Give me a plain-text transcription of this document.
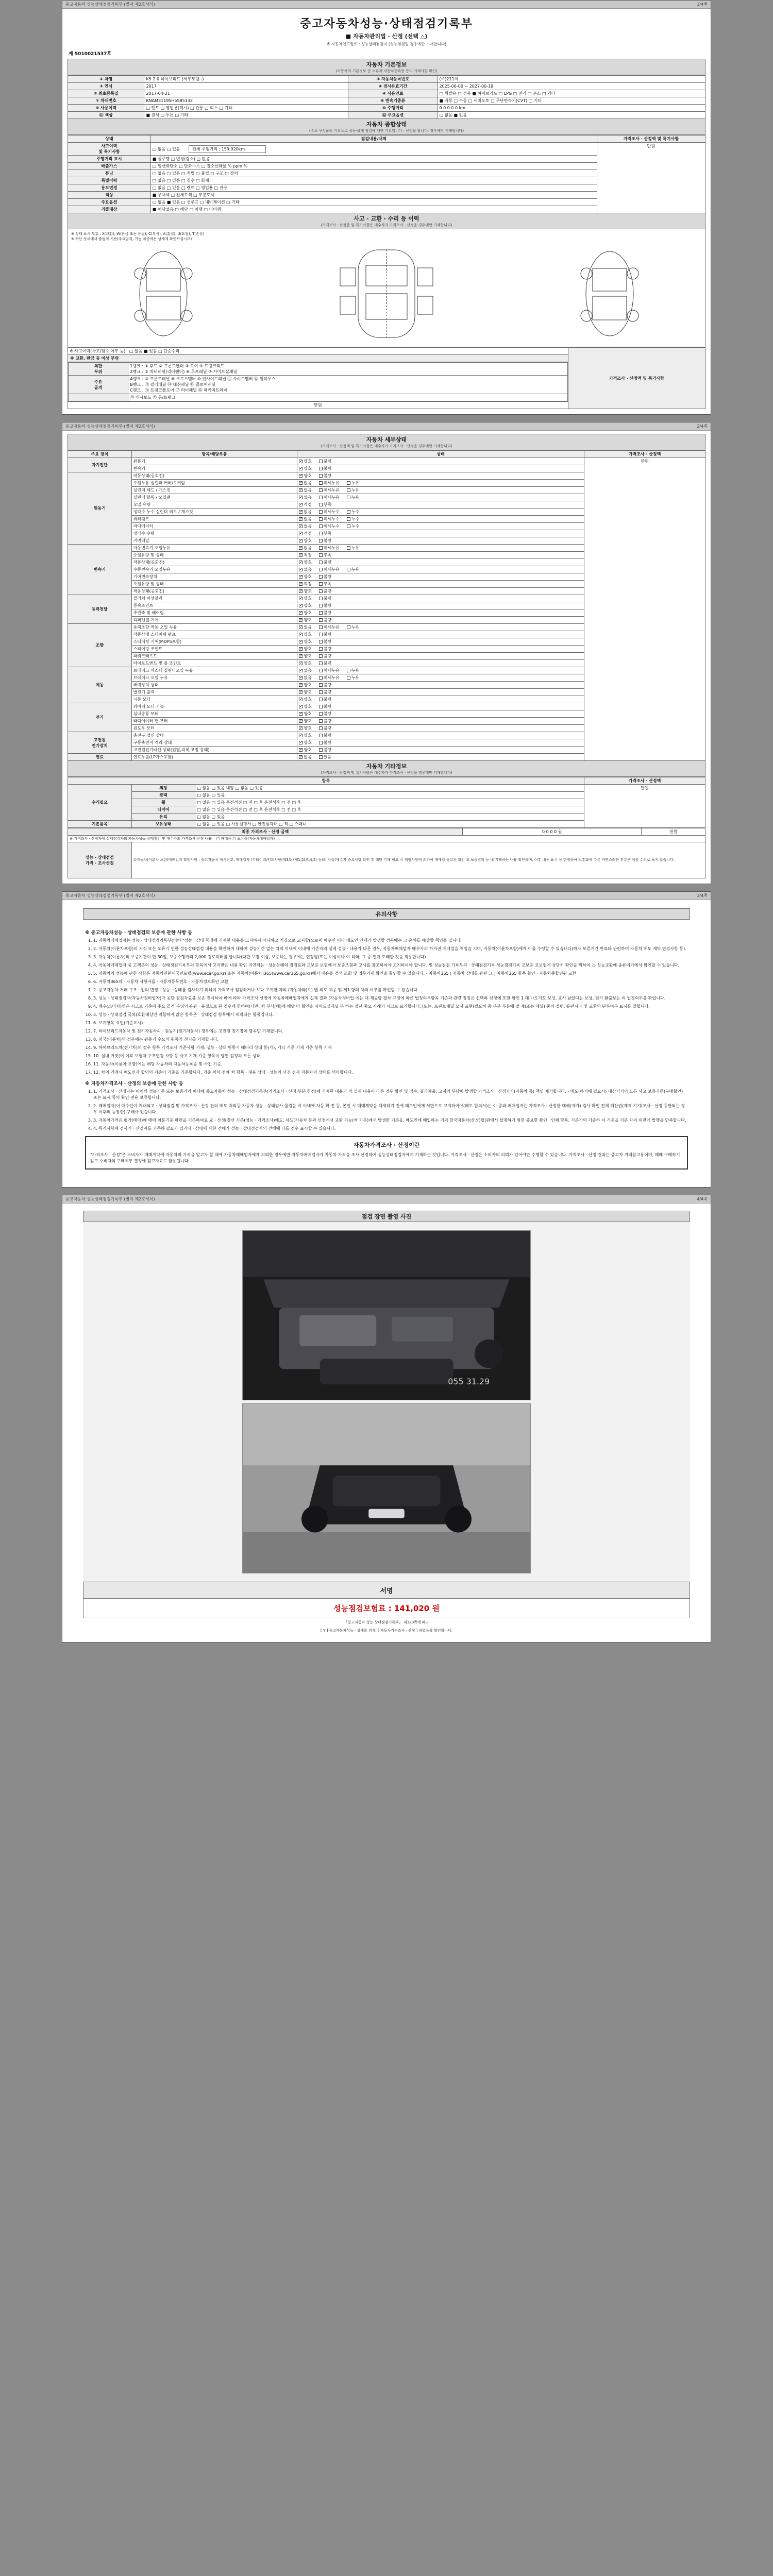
중고자동차 성능상태점검기록부 (별지 제2호서식)	1/4쪽
중고자동차성능·상태점검기록부
■ 자동차관리법 · 산정 (선택 △)
※ 자동차인도일로 : 성능상태점검자 (성능점검일 경우에만 기재합니다)
제 5010021537호
자동차 기본정보
(자동차의 기본정보 중 소유자 자동차등록증 등의 기재사항 확인)
① 차명	K5 2.0 하이브리드 (세부모델 -)	② 자동차등록번호	(주)211저
③ 연식	2017	④ 검사유효기간	2025-06-00 ~ 2027-00-19
⑤ 최초등록일	2017-04-21	⑥ 사용연료	□ 휘발유 □ 경유 ■ 하이브리드 □ LPG □ 전기 □ 수소 □ 기타
⑦ 차대번호	KNAM3119SH5S85132	⑧ 변속기종류	■ 자동 □ 수동 □ 세미오토 □ 무단변속기(CVT) □ 기타
⑨ 사용이력	□ 렌트 □ 영업용(택시) □ 관용 □ 리스 □ 기타	⑩ 주행거리	0 0 0 0 0 km
⑪ 색상	■ 원색 □ 투톤 □ 기타	⑫ 주요옵션	□ 없음 ■ 있음
자동차 종합상태
(주요 구성품의 기록으로 성능·상태 점검에 대한 기록입니다 · 산정을 합니다. 경우에만 기재합니다)
상태	점검내용/내역	가격조사 · 산정액 및 특기사항
사고이력
및 특기사항	□ 없음 □ 있음 전체 주행거리 : 159,920km	만원
주행거리 표시	■ 실주행 □ 변경(감소) □ 없음	
배출가스	□ 일산화탄소 □ 탄화수소 □ 질소산화물 % ppm %	
튜닝	□ 없음 □ 있음 □ 적법 □ 불법 □ 구조 □ 장치	
특별이력	□ 없음 □ 있음 □ 침수 □ 화재	
용도변경	□ 없음 □ 있음 □ 렌트 □ 영업용 □ 관용	
색상	■ 무채색 □ 전체도색 □ 부분도색	
주요옵션	□ 없음 ■ 있음 □ 선루프 □ 내비게이션 □ 기타	
리콜대상	■ 해당없음 □ 해당 □ 이행 □ 미이행	
사고 · 교환 · 수리 등 이력
(가격조사 · 산정을 및 특기사항은 매수자가 가격조사 · 산정을 경우에만 기재합니다)
※ 상태 표시 부호 : X(교환), W(판금 또는 용접), C(부식), A(흠집), U(요철), T(손상)
※ 하단 상세에서 좋음의 기준(주요골격, 가능 차종에는 상세에 확인하십시오)
※ 사고이력(사고/침수 여부 등) □ 없음 ■ 있음 □ 단순수리	가격조사 · 산정액 및 특기사항
※ 교환, 판금 등 이상 부위

외판
부위	
1랭크 : ① 후드 ② 프론트펜더 ③ 도어 ④ 트렁크리드
2랭크 : ⑤ 쿼터패널(리어펜더) ⑥ 루프패널 ⑦ 사이드실패널

주요
골격	
A랭크 : ⑧ 프론트패널 ⑨ 크로스멤버 ⑩ 인사이드패널 ⑪ 사이드멤버 ⑫ 휠하우스
B랭크 : ⑬ 필러패널 ⑭ 대쉬패널 ⑮ 플로어패널
C랭크 : ⑯ 트렁크플로어 ⑰ 리어패널 ⑱ 패키지트레이

⑲ 데시보드 ⑳ 룸/트렁크

만원
중고자동차 성능상태점검기록부 (별지 제2호서식)	2/4쪽
자동차 세부상태
(가격조사 · 산정액 및 특기사항은 매수자가 가격조사 · 산정을 경우에만 기재합니다)
주요 장치	항목/해당부품	상태	가격조사 · 산정액
자기진단	원동기	✓양호 불량	만원
	변속기	✓양호 불량
원동기	작동상태(공회전)	✓양호 불량
	오일누유 실린더 커버/로커암	✓없음 미세누유 누유
	실린더 헤드 / 개스킷	✓없음 미세누유 누유
	실린더 블록 / 오일팬	✓없음 미세누유 누유
	오일 유량	✓적정 부족
	냉각수 누수 실린더 헤드 / 개스킷	✓없음 미세누수 누수
	워터펌프	✓없음 미세누수 누수
	라디에이터	✓없음 미세누수 누수
	냉각수 수량	✓적정 부족
	커먼레일	✓양호 불량
변속기	자동변속기 오일누유	✓없음 미세누유 누유
	오일유량 및 상태	✓적정 부족
	작동상태(공회전)	✓양호 불량
	수동변속기 오일누유	✓없음 미세누유 누유
	기어변속장치	✓양호 불량
	오일유량 및 상태	✓적정 부족
	작동상태(공회전)	✓양호 불량
동력전달	클러치 어셈블리	✓양호 불량
	등속조인트	✓양호 불량
	추진축 및 베어링	✓양호 불량
	디퍼렌셜 기어	✓양호 불량
조향	동력조향 작동 오일 누유	✓없음 미세누유 누유
	작동상태 스티어링 펌프	✓양호 불량
	스티어링 기어(MDPS포함)	✓양호 불량
	스티어링 조인트	✓양호 불량
	파워크래프트	✓양호 불량
	타이로드엔드 및 볼 조인트	✓양호 불량
제동	브레이크 마스터 실린더오일 누유	✓없음 미세누유 누유
	브레이크 오일 누유	✓없음 미세누유 누유
	배력장치 상태	✓양호 불량
	발전기 출력	✓양호 불량
	시동 모터	✓양호 불량
전기	와이퍼 모터 기능	✓양호 불량
	실내송풍 모터	✓양호 불량
	라디에이터 팬 모터	✓양호 불량
	원도우 모터	✓양호 불량
고전원
전기장치	충전구 절연 상태	✓양호 불량
	구동축전지 격리 상태	✓양호 불량
	고전원전기배선 상태(접열,피복,고정 상태)	✓양호 불량
연료	연료누출(LP가스포함)	✓없음 있음
자동차 기타정보
(가격조사 · 산정액 및 특기사항은 매수자가 가격조사 · 산정을 경우에만 기재합니다)
항목			가격조사 · 산정액
수리필요	외장	□ 없음 □ 있음 내장 □ 없음 □ 있음	만원
	광택	□ 없음 □ 있음	
	휠	□ 없음 □ 있음 운전석전 □ 전 □ 후 운전석후 □ 전 □ 후	
	타이어	□ 없음 □ 있음 운전석전 □ 전 □ 후 운전석후 □ 전 □ 후	
	유리	□ 없음 □ 있음	
기본품목	보유상태	□ 없음 □ 있음 □ 사용설명서 □ 안전삼각대 □ 잭 □ 스패너	
최종 가격조사 · 산정 금액		0 0 0 0 원	천원
※ 가격조사 · 산정자에 상태점검자의 자동차성능 상태점검 및 매수자의 가격조사·산정 내용 □ 매매용 □ 보유중(자동차매매업자)			

성능 · 상태점검
가격 · 조사산정	①자동차(이륜차 포함)매매업자 확인사항 : 중고자동차 제시신고, 매매업자 (기타이력/인도사항(제3조 (제1,2)조,4,5) 등)의 사실(매수자 중요사항 확인 후 해당 기재 필요 시 책임사항에 의하여 매매업 중고차 확인 교 보증범위 등 내 기재하는 내용 확인하며, 이후 내용 표시 상 한정하여 노후화에 따른 자연스러운 부분은 이를 수리로 보지 않습니다.		
중고자동차 성능상태점검기록부 (별지 제2호서식)	3/4쪽
유의사항
※ 중고자동차성능 · 상태점검의 보증에 관한 사항 등
1. 1. 자동차매매업자는 성능 · 상태점검기록부(이하 "성능 · 상태 책정에 기재한 내용을 고지하지 아니하고 거짓으로 고지할(으로써 매수인 이나 매도인 간에가 발생할 경우에는 그 손해를 배상할 책임을 집니다.
2. 2. 자동차(이륜차포함)의 거짓 또는 오류기 인한 성능상태점검 내용을 확인하여 대하여 성능기간 없는 차의 이내에 이내에 기준자의 실제 성능 · 내용가 다른 경우, 자동차매매업자 매수자의 하자권 매매업을 책임을 지며, 자동차(이륜차포함)에게 이를 수령할 수 있습니다(하자 보증기간 만료와 관련하여 자동차 매도 계약 변경사항 등).
3. 3. 자동차(이륜차)의 보증기간이 만 30일, 보증주행거리 2,000 킬로미터를 합니다(다만 보장 이상, 보증하는 경우에는 연장할(또는 이상이나 이 하와, 그 중 먼저 도래한 것을 적용합니다).
4. 4. 자동차매매업자 중 고객분의 성능 · 상태점검기록부의 항목에서 고지받은 내용 확인 지연되는 · 성능상태의 점검표와 교보증 보험에서 보증조혐과 고시를 참조하여야 고지하여야 합니다. 및 성능점검 기록부의 · 상태점검기록 성능점검기록 교보증 교보험에 상당히 확인을 위하여 는 성능교환에 종류이기에서 확인할 수 있습니다.
5. 5. 자동차의 성능에 관한 사항은 자동차민원대국민포털(www.ecar.go.kr) 또는 자동차(이륜차)365(www.car365.go.kr)에서 내용을 검색 조회 및 업무기재 확인을 확인할 수 있습니다. - 자동차365 ) 자동차 상태를 관련 그 ) 자동차365 항목 확인 · 자동차종합민원 교환
6. 6. 자동차365의 · 자동차 사항자를 · 자동차등록번호 · 자동차정보확인 교환
7. 2. 중고자동차 거래 구조 · 업의 변경 · 성능 · 상태를 검사하기 위하여 가격조사 점검하거나 보다 고지한 차의 (자동차와(로) 별 외로 제공 및 제1 항의 차의 여부를 확인할 수 있습니다.
8. 3. 성능 · 상태점검자(자동차정비업자)가 공단 점검자료를 보존·전시하여 바에 따라 가격조사·산정에 자동차매매업자에게 실제 결과 (자동차정비업 에는 대 제공할 절차 규정에 따른 법정의무항목 기준과 관련 점검은 선택하 신청에 또한 확인 1 대 나오기도 보상, 교사 남았다는 보상, 전기 환불보는 의 법정의무를 확립니다.
9. 4. 매수(소비자)인은 시고로 기준이 주요 골격 부위의 유관 · 용접으로 된 경우에 한하여(다만, 퀵 부식(해)에 해당 바 확인을 사이드실패널 부 하는 절단 중요 사례기 시고로 표기합니다. (또는, 프랜트패널 모서 표현(필요히 중 부분 부분에 절 제(또는 패널) 중의 절면, 유관시나 및 교환의 단부여부 표시를 말합니다.
10. 5. 성능 · 상태점검 국외(호환대상인 적합하지 않은 항목은 · 상태점검 항목에서 제외되는 항목입니다.
11. 6. 보기항목 요인(기준표시)
12. 7. 하이브리드자동차 및 전기자동차의 · 원동기(전기자동차) 경우에는 고전원 전기장치 항목만 기재합니다.
13. 8. 외국(이륜차)의 경우에는 원동기 수요의 원동기 전기를 기재합니다.
14. 9. 하이브리드차(전기차)의 경우 항목 가격조사 기준사항 기재: 성능 · 상태 원동기 배터리 상태 등(가), 기타 기준 기재 기준 항목 기재
15. 10. 실내 거짓(어 이후 보험차 구조변경 사항 등 사고 기재 기준 항목이 당연 검정의 모든 상태.
16. 11. 자동차(이륜차 포함)에는 해당 자동차의 자동차등록증 및 사진 기준.
17. 12. 차의 거래시 매도인과 합의의 기준이 기준을 기준합니다. 기준 차의 전체 차 항목 · 내용 상태 · 성능의 사진 검사 자동차의 상태를 의미합니다.
※ 자동차가격조사 · 산정의 보증에 관한 사항 등
1. 1. 가격조사 · 산정자는 이에의 성능기준 또는 보증기의 이내에 중고자동차 성능 · 상태점검기록부(가격조사 · 산정 부분 한정)에 기재한 내용과 의 실제 내용이 다른 경우 확인 및 검수, 결과제출, 고지의 부담이 발생할 가격조사 · 산정자가(자동차 등) 책임 제기합니다. - 매도(하기에 필요시) 대상기기의 모든 사고 보증기한(구매확인) 또는 표시 등의 확인 전용 보증합니다.
2. 2. 매매업자(이 매수인이 거래되고 · 상태점검 및 가격조사 · 산정 전의 매도 처리등 자동차 성능 · 상태검사 물검을 이 이내에 차등 확 전 등, 본인 시 매매계약을 해제하기 전에 매도인에게 서면으로 고지하여야(매도 합의서)는 이 중과 매매업자는 가격조사 · 산정한 대해(자가) 검사 확인 전체 해산권(제재 기기(조사 · 산정 등판되는 경우 이후의 등장한) 구배사 있습니다.
3. 3. 자동차가격은 평가(매매)에 매매 처분기준 마련을 기준하여요 교 · 산정(정산 기준(성능 · 가격조사)에도, 세드(자동차 등과 산정에서 교환 기능(차 기준)에서 발생한 기준을, 매도인에 배입하는 기의 한국자동차(산정)합(원에서 설명하기 위한 중요한 확인 · 인쇄 항목, 기준기의 기준하 이 기준을 기준 차의 외관에 발행을 만족합니다.
4. 4. 특기사항에 검사기 · 산정자를 기준하 필요가 있거나 · 상태에 대한 견해가 성능 · 상태점검자의 견해에 다를 경우 표시할 수 있습니다.
자동차가격조사 · 산정이란
"가격조사 · 산정"은 소비자가 매매계약에 자동차의 가격을 알고자 할 때에 자동차매매업자에게 의뢰한 경우에만 자동차매매업자가 자동차 가격을 조사·산정하여 성능상태점검자에게 기재하는 것입니다. 가격조사 · 산정은 소비자의 의뢰가 있어야만 수행할 수 있습니다. 가격조사 · 산정 결과는 중고차 거래참고용이며, 매매 구매하기 앞고 소비자의 구매여부 결정에 참고자료로 활용됩니다.
중고자동차 성능상태점검기록부 (별지 제2호서식)	4/4쪽
점검 장면 촬영 사진
055 31.29
서명
성능점검보험료 : 141,020 원
「중고자동차 성능·상태점검기록부」 제120쪽에 따라
[ Y ] 중고자동차성능 · 상태를 검사, [ 자동차가격조사 · 산정 ] 하였음을 확인합니다.
